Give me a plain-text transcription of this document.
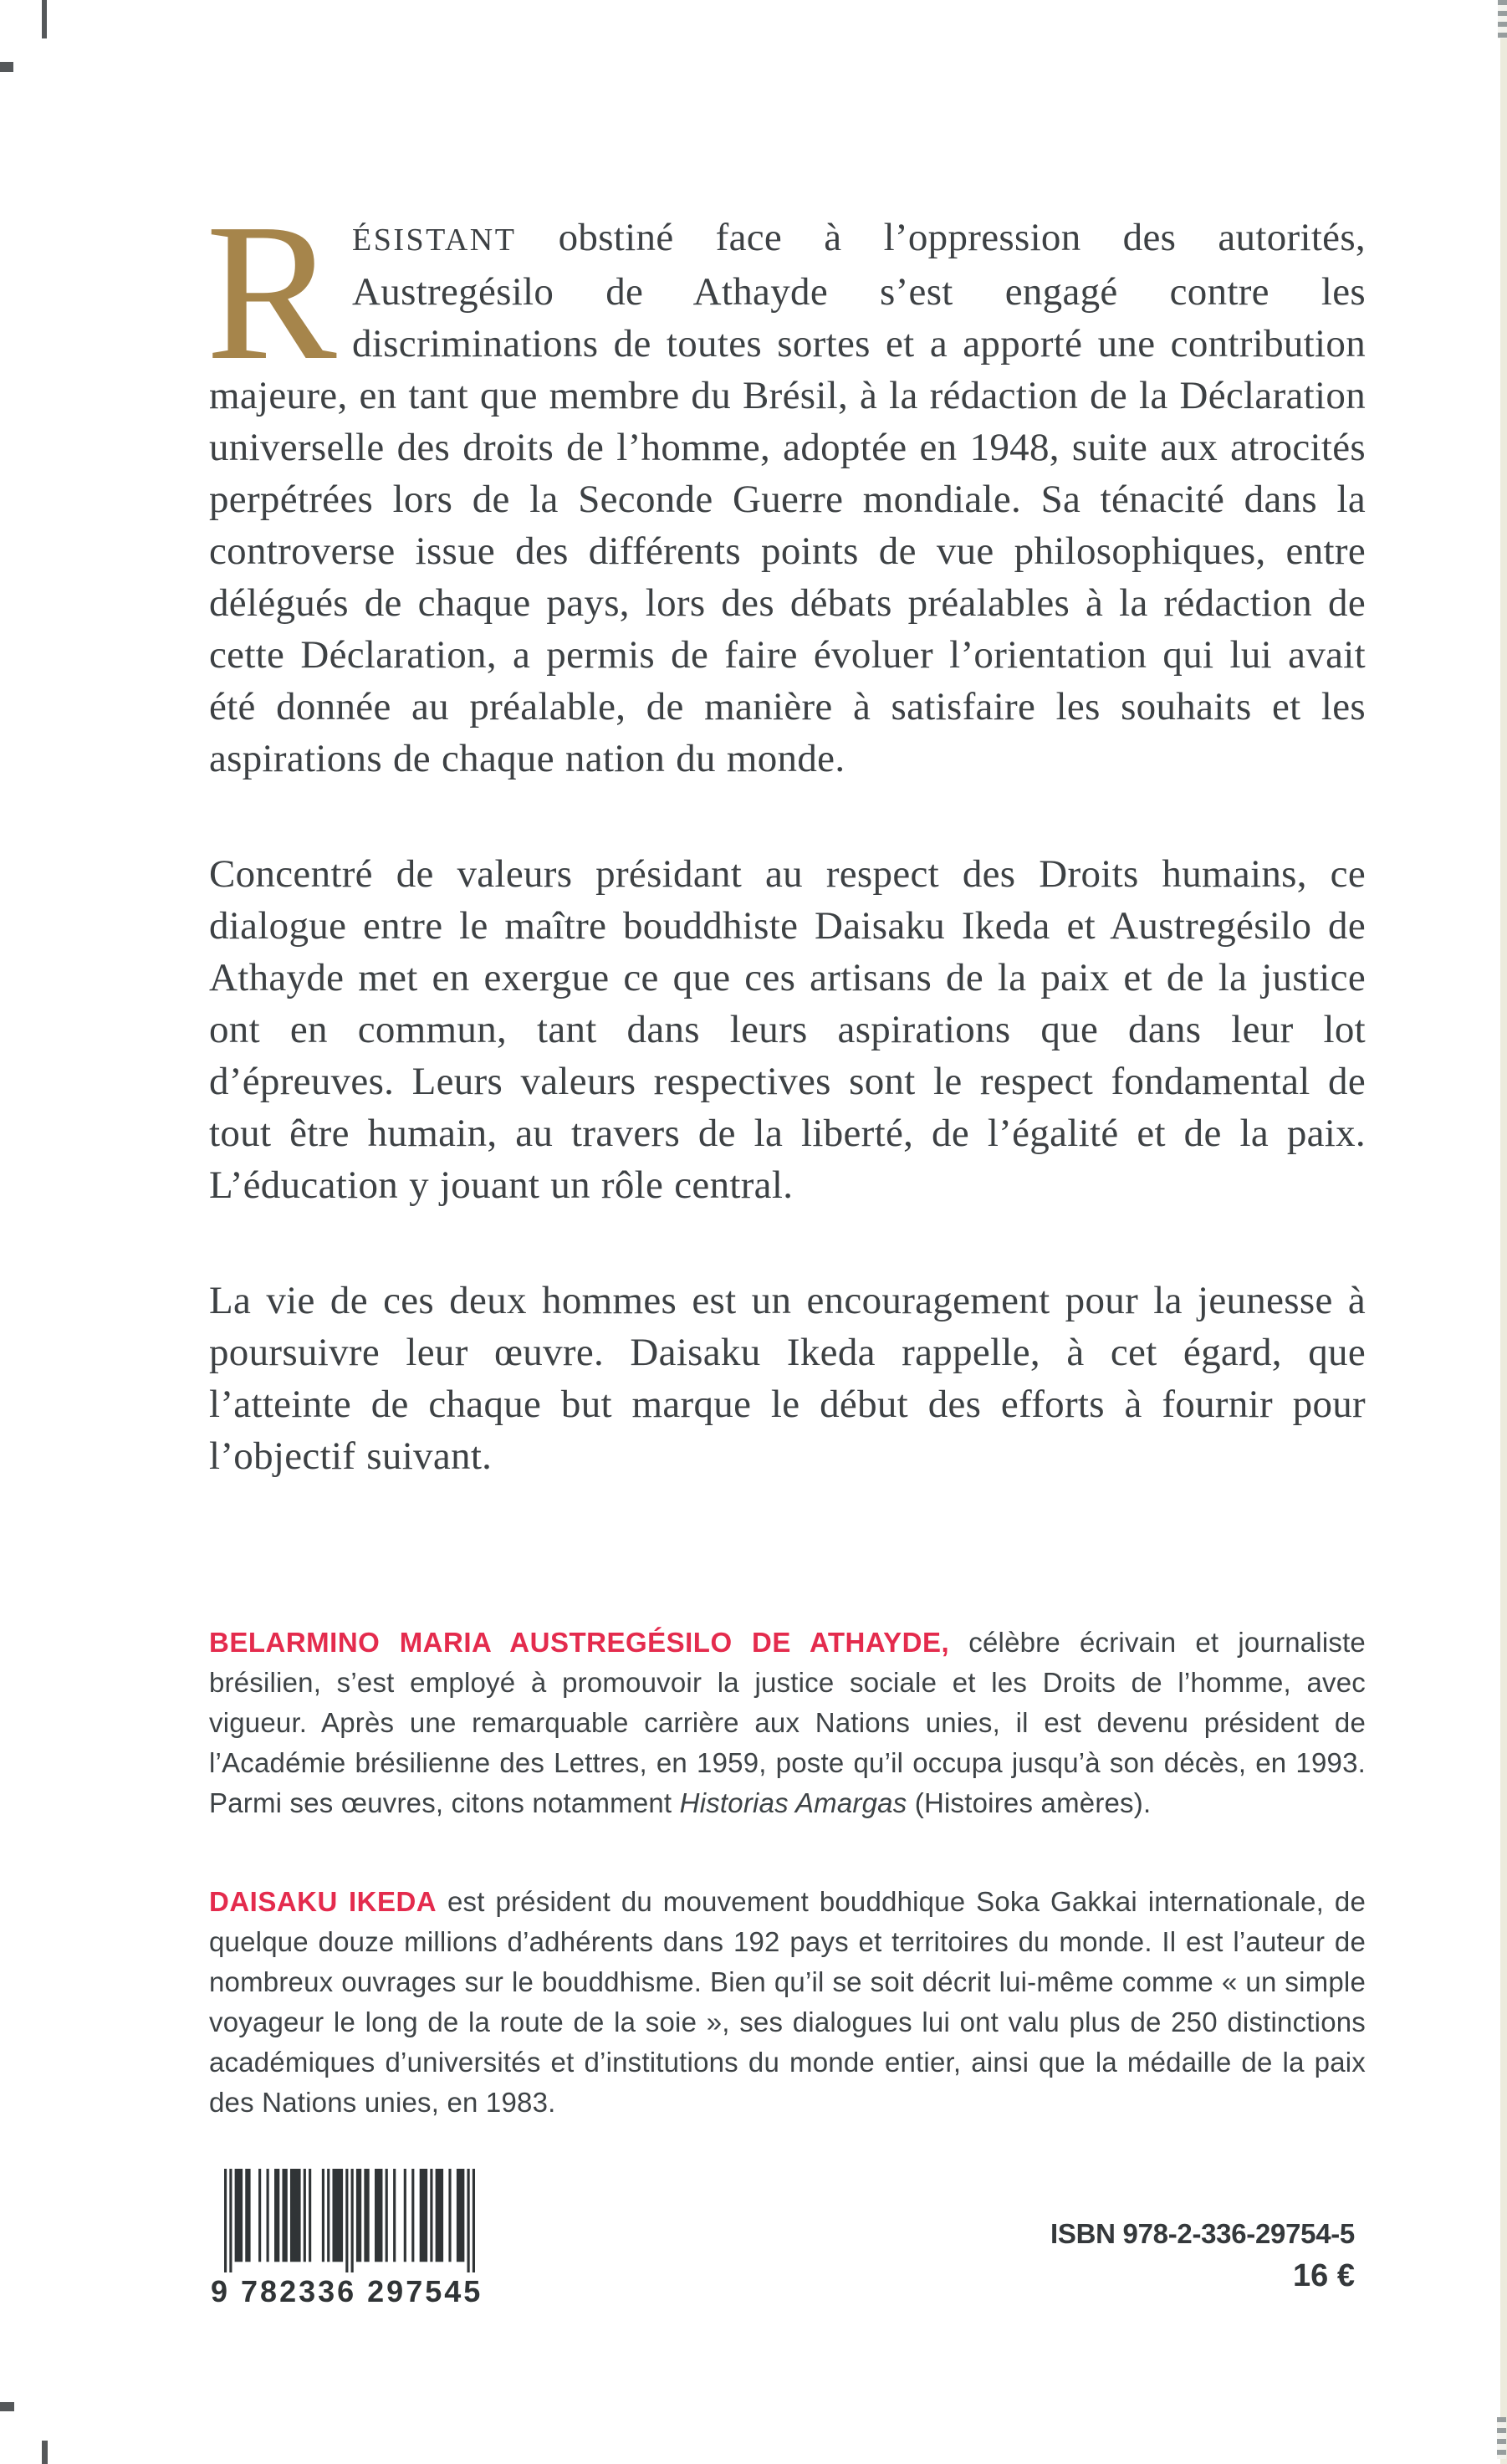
RÉSISTANT obstiné face à l’oppression des autorités, Austregésilo de Athayde s’est engagé contre les discriminations de toutes sortes et a apporté une contribution majeure, en tant que membre du Brésil, à la rédaction de la Déclaration universelle des droits de l’homme, adoptée en 1948, suite aux atrocités perpétrées lors de la Seconde Guerre mondiale. Sa ténacité dans la controverse issue des différents points de vue philosophiques, entre délégués de chaque pays, lors des débats préalables à la rédaction de cette Déclaration, a permis de faire évoluer l’orientation qui lui avait été donnée au préalable, de manière à satisfaire les souhaits et les aspirations de chaque nation du monde.

Concentré de valeurs présidant au respect des Droits humains, ce dialogue entre le maître bouddhiste Daisaku Ikeda et Austregésilo de Athayde met en exergue ce que ces artisans de la paix et de la justice ont en commun, tant dans leurs aspirations que dans leur lot d’épreuves. Leurs valeurs respectives sont le respect fondamental de tout être humain, au travers de la liberté, de l’égalité et de la paix. L’éducation y jouant un rôle central.

La vie de ces deux hommes est un encouragement pour la jeunesse à poursuivre leur œuvre. Daisaku Ikeda rappelle, à cet égard, que l’atteinte de chaque but marque le début des efforts à fournir pour l’objectif suivant.

BELARMINO MARIA AUSTREGÉSILO DE ATHAYDE, célèbre écrivain et journaliste brésilien, s’est employé à promouvoir la justice sociale et les Droits de l’homme, avec vigueur. Après une remarquable carrière aux Nations unies, il est devenu président de l’Académie brésilienne des Lettres, en 1959, poste qu’il occupa jusqu’à son décès, en 1993. Parmi ses œuvres, citons notamment Historias Amargas (Histoires amères).

DAISAKU IKEDA est président du mouvement bouddhique Soka Gakkai internationale, de quelque douze millions d’adhérents dans 192 pays et territoires du monde. Il est l’auteur de nombreux ouvrages sur le bouddhisme. Bien qu’il se soit décrit lui-même comme « un simple voyageur le long de la route de la soie », ses dialogues lui ont valu plus de 250 distinctions académiques d’universités et d’institutions du monde entier, ainsi que la médaille de la paix des Nations unies, en 1983.

9 782336 297545
ISBN 978-2-336-29754-5
16 €
